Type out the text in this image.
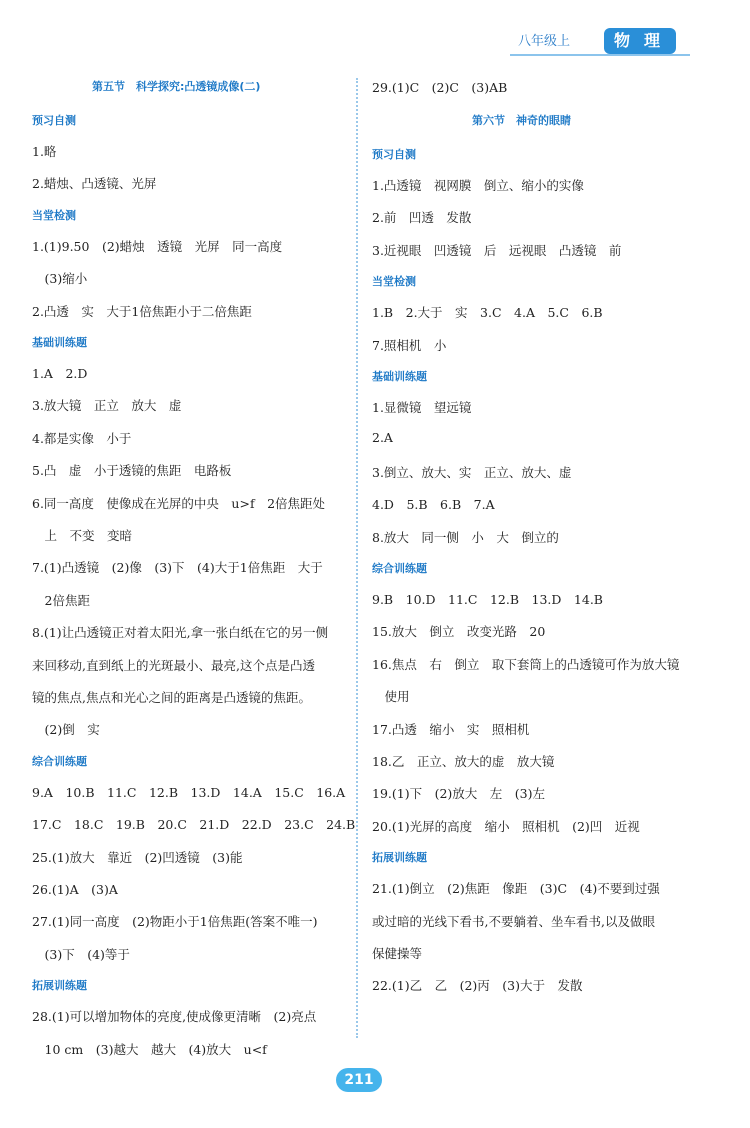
八年级上	物理
第五节　科学探究:凸透镜成像(二)
预习自测
1.略
2.蜡烛、凸透镜、光屏
当堂检测
1.(1)9.50　(2)蜡烛　透镜　光屏　同一高度
　(3)缩小
2.凸透　实　大于1倍焦距小于二倍焦距
基础训练题
1.A　2.D
3.放大镜　正立　放大　虚
4.都是实像　小于
5.凸　虚　小于透镜的焦距　电路板
6.同一高度　使像成在光屏的中央　u>f　2倍焦距处
　上　不变　变暗
7.(1)凸透镜　(2)像　(3)下　(4)大于1倍焦距　大于
　2倍焦距
8.(1)让凸透镜正对着太阳光,拿一张白纸在它的另一侧
来回移动,直到纸上的光斑最小、最亮,这个点是凸透
镜的焦点,焦点和光心之间的距离是凸透镜的焦距。
　(2)倒　实
综合训练题
9.A　10.B　11.C　12.B　13.D　14.A　15.C　16.A
17.C　18.C　19.B　20.C　21.D　22.D　23.C　24.B
25.(1)放大　靠近　(2)凹透镜　(3)能
26.(1)A　(3)A
27.(1)同一高度　(2)物距小于1倍焦距(答案不唯一)
　(3)下　(4)等于
拓展训练题
28.(1)可以增加物体的亮度,使成像更清晰　(2)亮点
　10 cm　(3)越大　越大　(4)放大　u<f
29.(1)C　(2)C　(3)AB
第六节　神奇的眼睛
预习自测
1.凸透镜　视网膜　倒立、缩小的实像
2.前　凹透　发散
3.近视眼　凹透镜　后　远视眼　凸透镜　前
当堂检测
1.B　2.大于　实　3.C　4.A　5.C　6.B
7.照相机　小
基础训练题
1.显微镜　望远镜
2.A
3.倒立、放大、实　正立、放大、虚
4.D　5.B　6.B　7.A
8.放大　同一侧　小　大　倒立的
综合训练题
9.B　10.D　11.C　12.B　13.D　14.B
15.放大　倒立　改变光路　20
16.焦点　右　倒立　取下套筒上的凸透镜可作为放大镜
　使用
17.凸透　缩小　实　照相机
18.乙　正立、放大的虚　放大镜
19.(1)下　(2)放大　左　(3)左
20.(1)光屏的高度　缩小　照相机　(2)凹　近视
拓展训练题
21.(1)倒立　(2)焦距　像距　(3)C　(4)不要到过强
或过暗的光线下看书,不要躺着、坐车看书,以及做眼
保健操等
22.(1)乙　乙　(2)丙　(3)大于　发散
211
